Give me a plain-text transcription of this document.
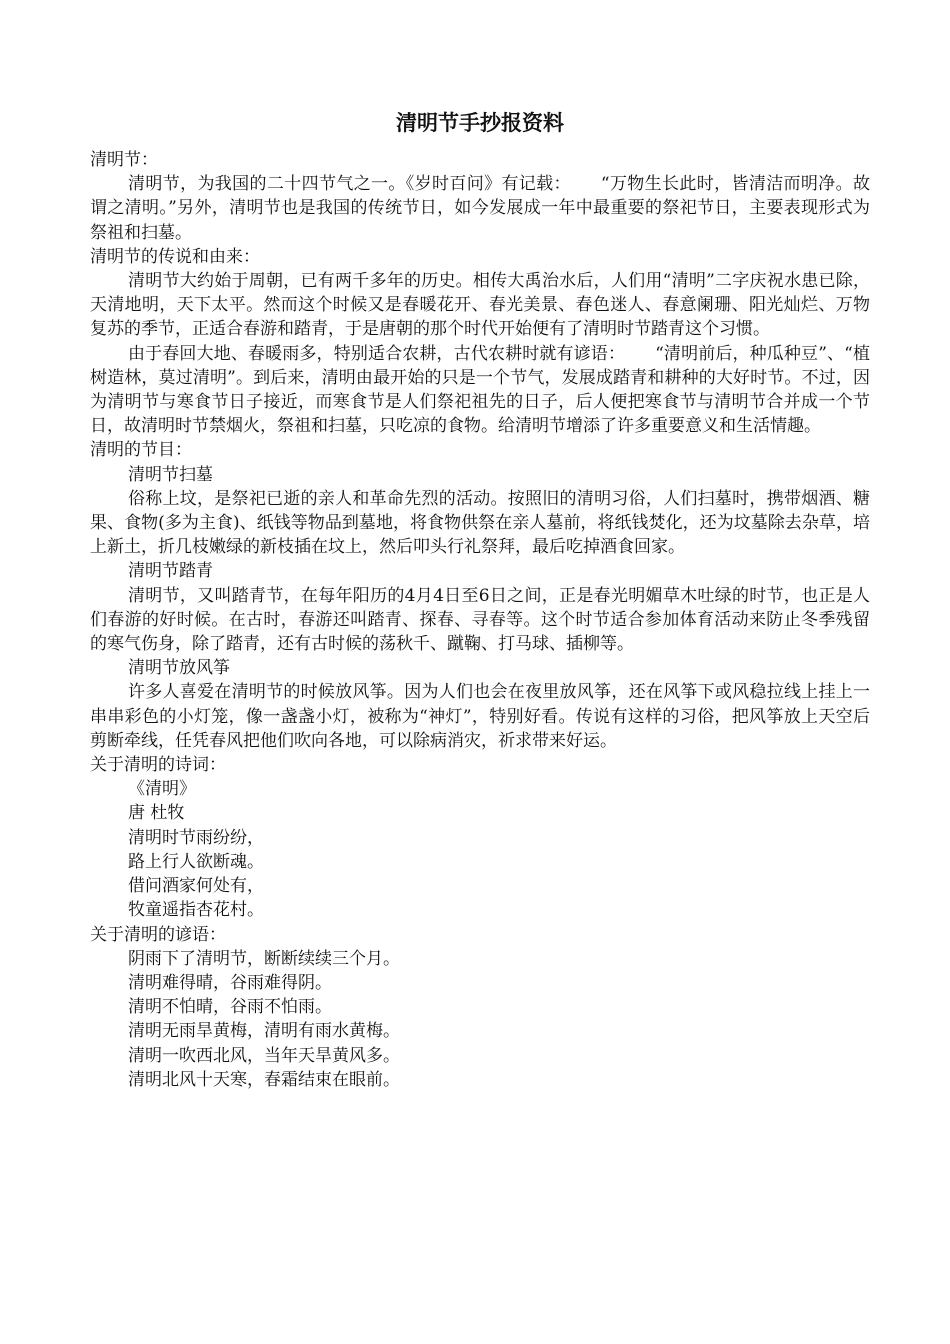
清明节手抄报资料

清明节：

清明节，为我国的二十四节气之一。《岁时百问》有记载： “万物生长此时，皆清洁而明净。故谓之清明。”另外，清明节也是我国的传统节日，如今发展成一年中最重要的祭祀节日，主要表现形式为祭祖和扫墓。

清明节的传说和由来：

清明节大约始于周朝，已有两千多年的历史。相传大禹治水后，人们用“清明”二字庆祝水患已除，天清地明，天下太平。然而这个时候又是春暖花开、春光美景、春色迷人、春意阑珊、阳光灿烂、万物复苏的季节，正适合春游和踏青，于是唐朝的那个时代开始便有了清明时节踏青这个习惯。

由于春回大地、春暖雨多，特别适合农耕，古代农耕时就有谚语： “清明前后，种瓜种豆”、“植树造林，莫过清明”。到后来，清明由最开始的只是一个节气，发展成踏青和耕种的大好时节。不过，因为清明节与寒食节日子接近，而寒食节是人们祭祀祖先的日子，后人便把寒食节与清明节合并成一个节日，故清明时节禁烟火，祭祖和扫墓，只吃凉的食物。给清明节增添了许多重要意义和生活情趣。

清明的节目：

清明节扫墓

俗称上坟，是祭祀已逝的亲人和革命先烈的活动。按照旧的清明习俗，人们扫墓时，携带烟酒、糖果、食物(多为主食)、纸钱等物品到墓地，将食物供祭在亲人墓前，将纸钱焚化，还为坟墓除去杂草，培上新土，折几枝嫩绿的新枝插在坟上，然后叩头行礼祭拜，最后吃掉酒食回家。

清明节踏青

清明节，又叫踏青节，在每年阳历的4月4日至6日之间，正是春光明媚草木吐绿的时节，也正是人们春游的好时候。在古时，春游还叫踏青、探春、寻春等。这个时节适合参加体育活动来防止冬季残留的寒气伤身，除了踏青，还有古时候的荡秋千、蹴鞠、打马球、插柳等。

清明节放风筝

许多人喜爱在清明节的时候放风筝。因为人们也会在夜里放风筝，还在风筝下或风稳拉线上挂上一串串彩色的小灯笼，像一盏盏小灯，被称为“神灯”，特别好看。传说有这样的习俗，把风筝放上天空后剪断牵线，任凭春风把他们吹向各地，可以除病消灾，祈求带来好运。

关于清明的诗词：

《清明》

唐 杜牧

清明时节雨纷纷，

路上行人欲断魂。

借问酒家何处有，

牧童遥指杏花村。

关于清明的谚语：

阴雨下了清明节，断断续续三个月。

清明难得晴，谷雨难得阴。

清明不怕晴，谷雨不怕雨。

清明无雨旱黄梅，清明有雨水黄梅。

清明一吹西北风，当年天旱黄风多。

清明北风十天寒，春霜结束在眼前。
